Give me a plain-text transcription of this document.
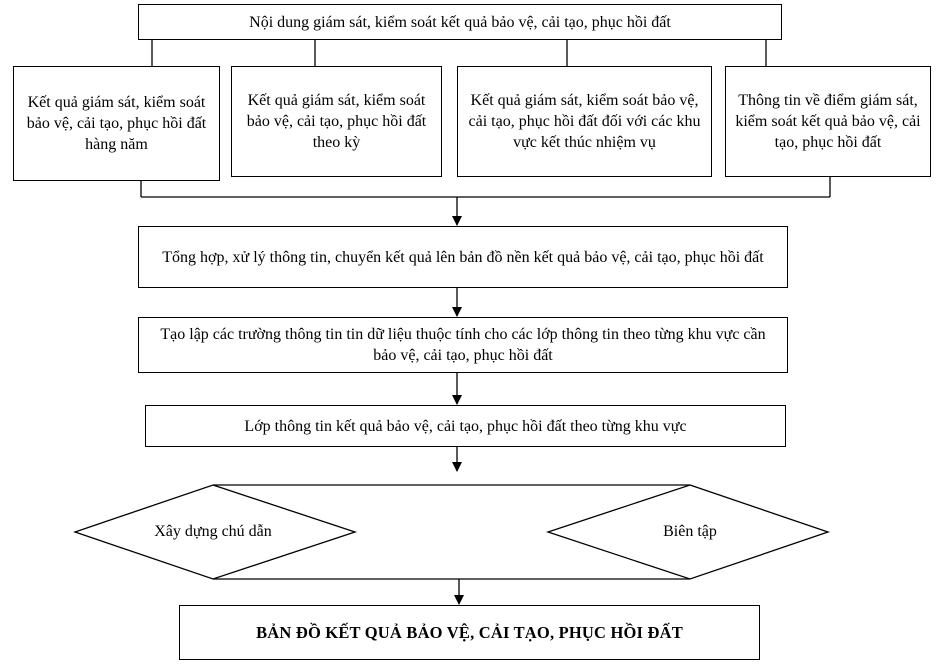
Nội dung giám sát, kiểm soát kết quả bảo vệ, cải tạo, phục hồi đất
Kết quả giám sát, kiểm soát bảo vệ, cải tạo, phục hồi đất hàng năm
Kết quả giám sát, kiểm soát bảo vệ, cải tạo, phục hồi đất theo kỳ
Kết quả giám sát, kiểm soát bảo vệ, cải tạo, phục hồi đất đối với các khu vực kết thúc nhiệm vụ
Thông tin về điểm giám sát, kiểm soát kết quả bảo vệ, cải tạo, phục hồi đất
Tổng hợp, xử lý thông tin, chuyển kết quả lên bản đồ nền kết quả bảo vệ, cải tạo, phục hồi đất
Tạo lập các trường thông tin tin dữ liệu thuộc tính cho các lớp thông tin theo từng khu vực cần bảo vệ, cải tạo, phục hồi đất
Lớp thông tin kết quả bảo vệ, cải tạo, phục hồi đất theo từng khu vực
Xây dựng chú dẫn	Biên tập
BẢN ĐỒ KẾT QUẢ BẢO VỆ, CẢI TẠO, PHỤC HỒI ĐẤT
